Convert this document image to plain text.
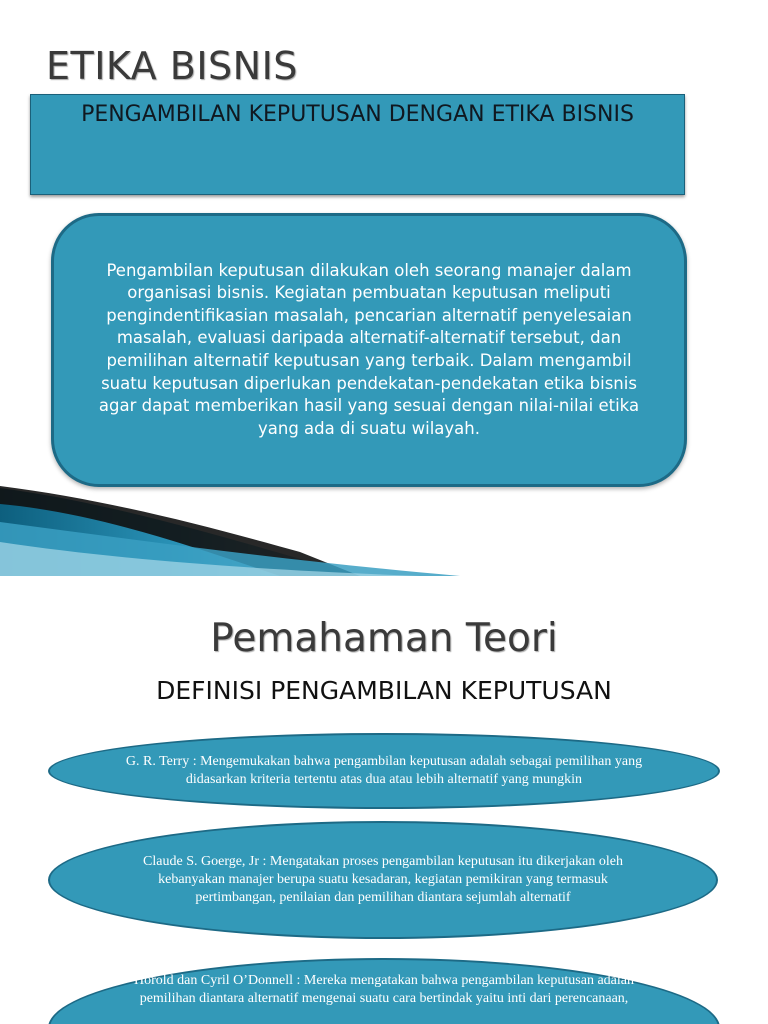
ETIKA BISNIS
PENGAMBILAN KEPUTUSAN DENGAN ETIKA BISNIS
Pengambilan keputusan dilakukan oleh seorang manajer dalam organisasi bisnis. Kegiatan pembuatan keputusan meliputi pengindentifikasian masalah, pencarian alternatif penyelesaian masalah, evaluasi daripada alternatif-alternatif tersebut, dan pemilihan alternatif keputusan yang terbaik. Dalam mengambil suatu keputusan diperlukan pendekatan-pendekatan etika bisnis agar dapat memberikan hasil yang sesuai dengan nilai-nilai etika yang ada di suatu wilayah.
Pemahaman Teori
DEFINISI PENGAMBILAN KEPUTUSAN
G. R. Terry : Mengemukakan bahwa pengambilan keputusan adalah sebagai pemilihan yang didasarkan kriteria tertentu atas dua atau lebih alternatif yang mungkin
Claude S. Goerge, Jr : Mengatakan proses pengambilan keputusan itu dikerjakan oleh kebanyakan manajer berupa suatu kesadaran, kegiatan pemikiran yang termasuk pertimbangan, penilaian dan pemilihan diantara sejumlah alternatif
Horold dan Cyril O’Donnell : Mereka mengatakan bahwa pengambilan keputusan adalah pemilihan diantara alternatif mengenai suatu cara bertindak yaitu inti dari perencanaan,
